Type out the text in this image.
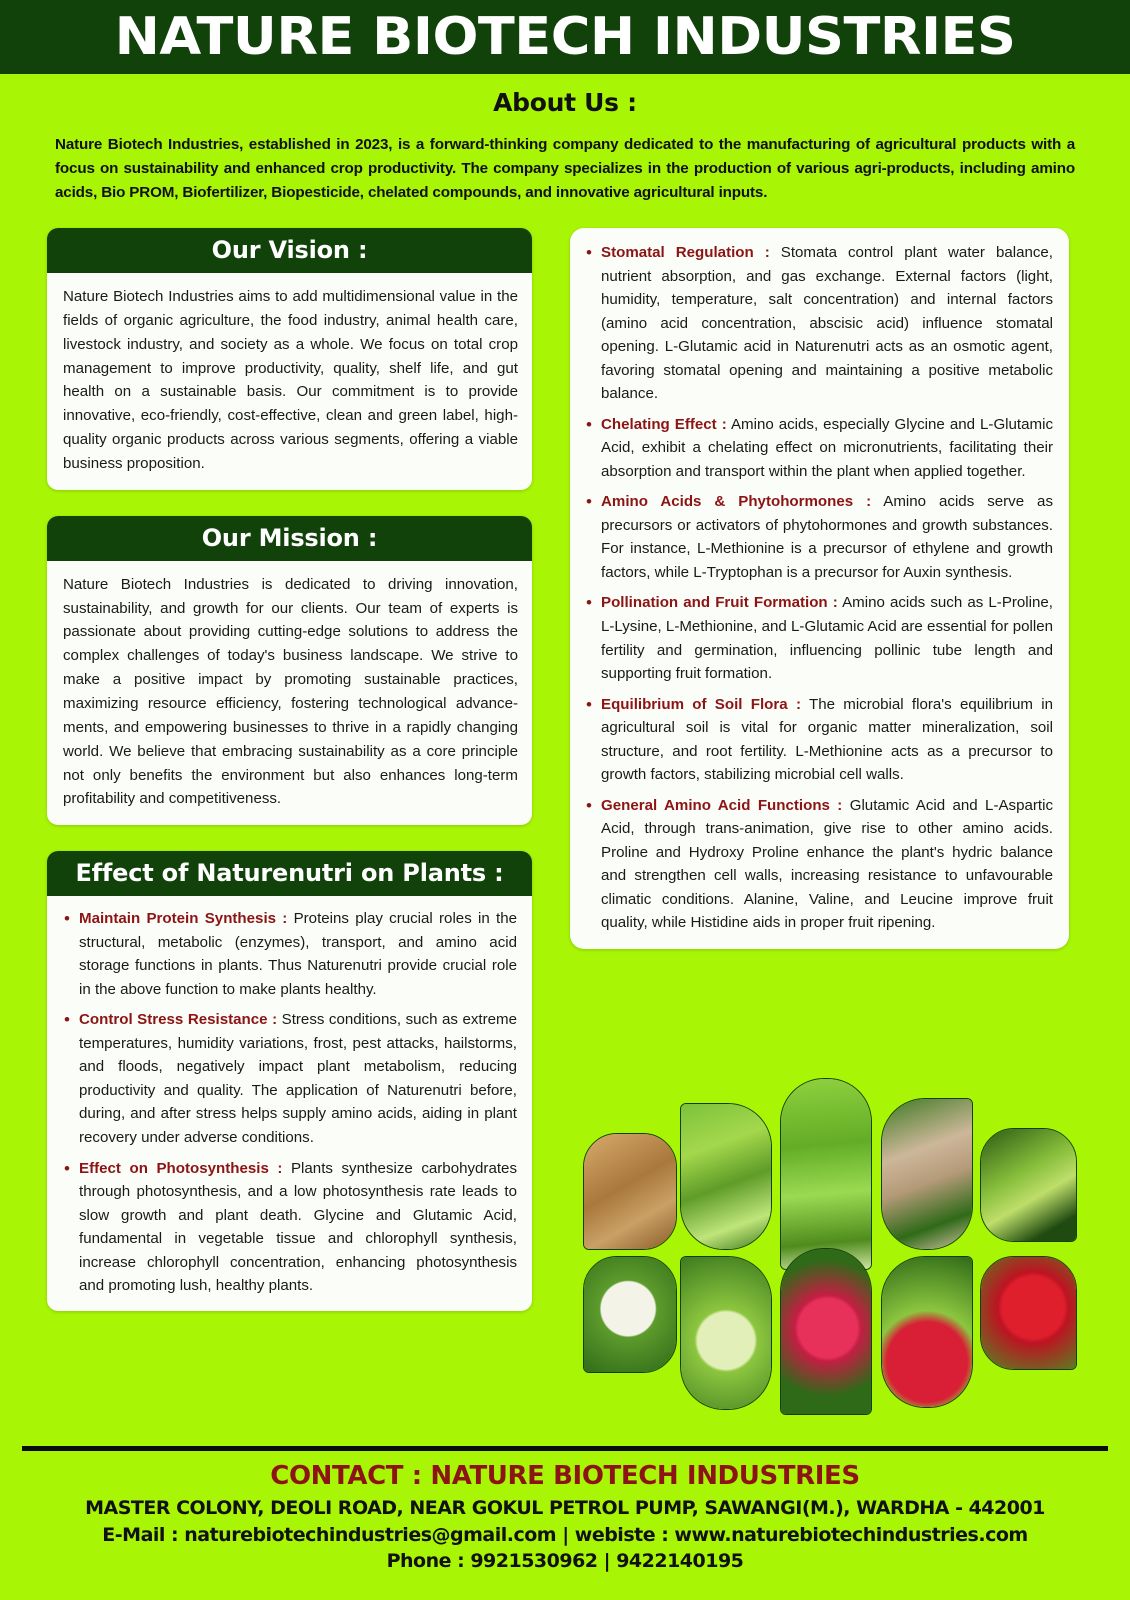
NATURE BIOTECH INDUSTRIES
About Us :
Nature Biotech Industries, established in 2023, is a forward-thinking company dedicated to the manufacturing of agricultural products with a focus on sustainability and enhanced crop productivity. The company specializes in the production of various agri-products, including amino acids, Bio PROM, Biofertilizer, Biopesticide, chelated compounds, and innovative agricultural inputs.
Our Vision :
Nature Biotech Industries aims to add multidimensional value in the fields of organic agriculture, the food industry, animal health care, livestock industry, and society as a whole. We focus on total crop management to improve productivity, quality, shelf life, and gut health on a sustainable basis. Our commitment is to provide innovative, eco-friendly, cost-effective, clean and green label, high-quality organic products across various segments, offering a viable business proposition.
Our Mission :
Nature Biotech Industries is dedicated to driving innovation, sustainability, and growth for our clients. Our team of experts is passionate about providing cutting-edge solutions to address the complex challenges of today's business landscape. We strive to make a positive impact by promoting sustainable practices, maximizing resource efficiency, fostering technological advance-ments, and empowering businesses to thrive in a rapidly changing world. We believe that embracing sustainability as a core principle not only benefits the environment but also enhances long-term profitability and competitiveness.
Effect of Naturenutri on Plants :
• Maintain Protein Synthesis : Proteins play crucial roles in the structural, metabolic (enzymes), transport, and amino acid storage functions in plants. Thus Naturenutri provide crucial role in the above function to make plants healthy.
• Control Stress Resistance : Stress conditions, such as extreme temperatures, humidity variations, frost, pest attacks, hailstorms, and floods, negatively impact plant metabolism, reducing productivity and quality. The application of Naturenutri before, during, and after stress helps supply amino acids, aiding in plant recovery under adverse conditions.
• Effect on Photosynthesis : Plants synthesize carbohydrates through photosynthesis, and a low photosynthesis rate leads to slow growth and plant death. Glycine and Glutamic Acid, fundamental in vegetable tissue and chlorophyll synthesis, increase chlorophyll concentration, enhancing photosynthesis and promoting lush, healthy plants.
• Stomatal Regulation : Stomata control plant water balance, nutrient absorption, and gas exchange. External factors (light, humidity, temperature, salt concentration) and internal factors (amino acid concentration, abscisic acid) influence stomatal opening. L-Glutamic acid in Naturenutri acts as an osmotic agent, favoring stomatal opening and maintaining a positive metabolic balance.
• Chelating Effect : Amino acids, especially Glycine and L-Glutamic Acid, exhibit a chelating effect on micronutrients, facilitating their absorption and transport within the plant when applied together.
• Amino Acids & Phytohormones : Amino acids serve as precursors or activators of phytohormones and growth substances. For instance, L-Methionine is a precursor of ethylene and growth factors, while L-Tryptophan is a precursor for Auxin synthesis.
• Pollination and Fruit Formation : Amino acids such as L-Proline, L-Lysine, L-Methionine, and L-Glutamic Acid are essential for pollen fertility and germination, influencing pollinic tube length and supporting fruit formation.
• Equilibrium of Soil Flora : The microbial flora's equilibrium in agricultural soil is vital for organic matter mineralization, soil structure, and root fertility. L-Methionine acts as a precursor to growth factors, stabilizing microbial cell walls.
• General Amino Acid Functions : Glutamic Acid and L-Aspartic Acid, through trans-animation, give rise to other amino acids. Proline and Hydroxy Proline enhance the plant's hydric balance and strengthen cell walls, increasing resistance to unfavourable climatic conditions. Alanine, Valine, and Leucine improve fruit quality, while Histidine aids in proper fruit ripening.
CONTACT : NATURE BIOTECH INDUSTRIES
MASTER COLONY, DEOLI ROAD, NEAR GOKUL PETROL PUMP, SAWANGI(M.), WARDHA - 442001
E-Mail : naturebiotechindustries@gmail.com | webiste : www.naturebiotechindustries.com
Phone : 9921530962 | 9422140195
